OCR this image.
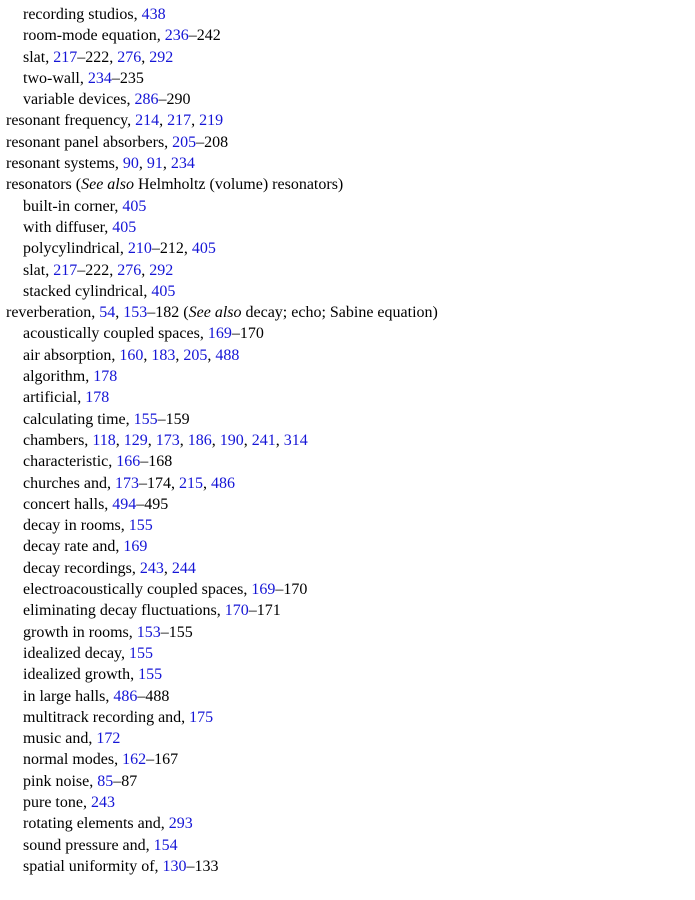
recording studios, 438
room-mode equation, 236–242
slat, 217–222, 276, 292
two-wall, 234–235
variable devices, 286–290
resonant frequency, 214, 217, 219
resonant panel absorbers, 205–208
resonant systems, 90, 91, 234
resonators (See also Helmholtz (volume) resonators)
built-in corner, 405
with diffuser, 405
polycylindrical, 210–212, 405
slat, 217–222, 276, 292
stacked cylindrical, 405
reverberation, 54, 153–182 (See also decay; echo; Sabine equation)
acoustically coupled spaces, 169–170
air absorption, 160, 183, 205, 488
algorithm, 178
artificial, 178
calculating time, 155–159
chambers, 118, 129, 173, 186, 190, 241, 314
characteristic, 166–168
churches and, 173–174, 215, 486
concert halls, 494–495
decay in rooms, 155
decay rate and, 169
decay recordings, 243, 244
electroacoustically coupled spaces, 169–170
eliminating decay fluctuations, 170–171
growth in rooms, 153–155
idealized decay, 155
idealized growth, 155
in large halls, 486–488
multitrack recording and, 175
music and, 172
normal modes, 162–167
pink noise, 85–87
pure tone, 243
rotating elements and, 293
sound pressure and, 154
spatial uniformity of, 130–133
